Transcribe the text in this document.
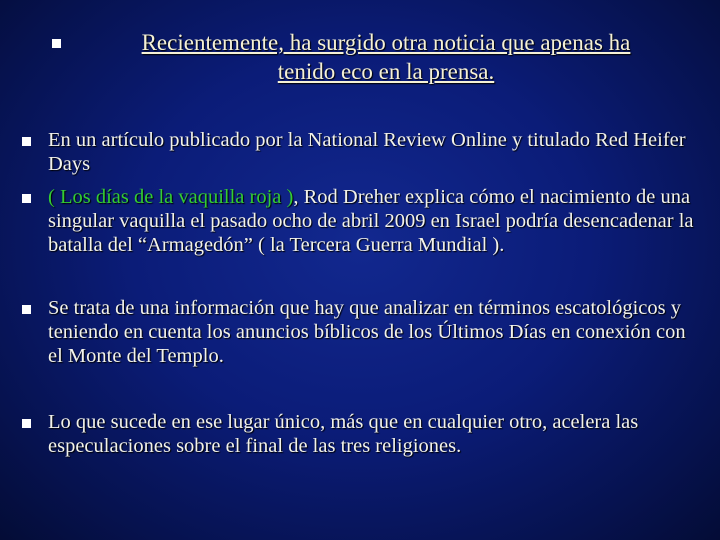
Recientemente, ha surgido otra noticia que apenas ha
tenido eco en la prensa.
En un artículo publicado por la National Review Online y titulado Red Heifer Days
( Los días de la vaquilla roja ), Rod Dreher explica cómo el nacimiento de una singular vaquilla el pasado ocho de abril 2009 en Israel podría desencadenar la batalla del “Armagedón” ( la Tercera Guerra Mundial ).
Se trata de una información que hay que analizar en términos escatológicos y teniendo en cuenta los anuncios bíblicos de los Últimos Días en conexión con el Monte del Templo.
Lo que sucede en ese lugar único, más que en cualquier otro, acelera las especulaciones sobre el final de las tres religiones.
